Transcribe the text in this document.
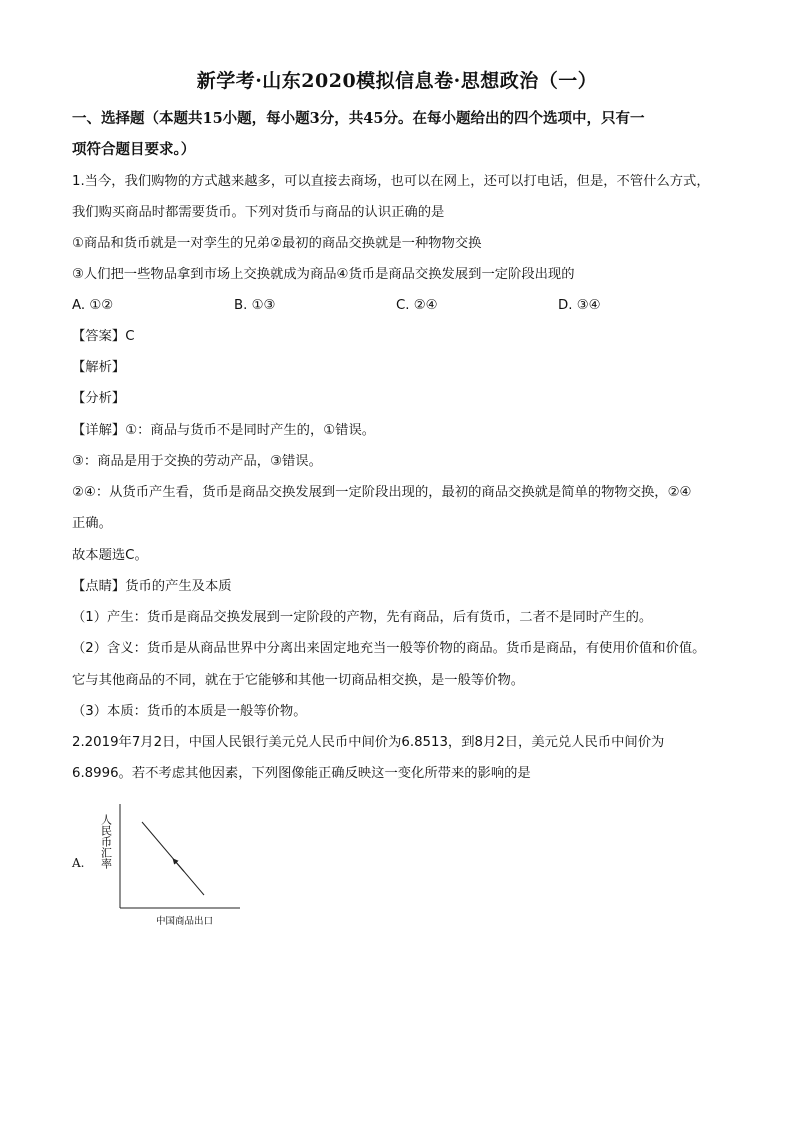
新学考·山东2020模拟信息卷·思想政治（一）
一、选择题（本题共15小题，每小题3分，共45分。在每小题给出的四个选项中，只有一
项符合题目要求。）
1.当今，我们购物的方式越来越多，可以直接去商场，也可以在网上，还可以打电话，但是，不管什么方式，
我们购买商品时都需要货币。下列对货币与商品的认识正确的是
①商品和货币就是一对孪生的兄弟②最初的商品交换就是一种物物交换
③人们把一些物品拿到市场上交换就成为商品④货币是商品交换发展到一定阶段出现的
A. ①②	B. ①③	C. ②④	D. ③④
【答案】C
【解析】
【分析】
【详解】①：商品与货币不是同时产生的，①错误。
③：商品是用于交换的劳动产品，③错误。
②④：从货币产生看，货币是商品交换发展到一定阶段出现的，最初的商品交换就是简单的物物交换，②④
正确。
故本题选C。
【点睛】货币的产生及本质
（1）产生：货币是商品交换发展到一定阶段的产物，先有商品，后有货币，二者不是同时产生的。
（2）含义：货币是从商品世界中分离出来固定地充当一般等价物的商品。货币是商品，有使用价值和价值。
它与其他商品的不同，就在于它能够和其他一切商品相交换，是一般等价物。
（3）本质：货币的本质是一般等价物。
2.2019年7月2日，中国人民银行美元兑人民币中间价为6.8513，到8月2日，美元兑人民币中间价为
6.8996。若不考虑其他因素，下列图像能正确反映这一变化所带来的影响的是
A. 人民币汇率
中国商品出口
